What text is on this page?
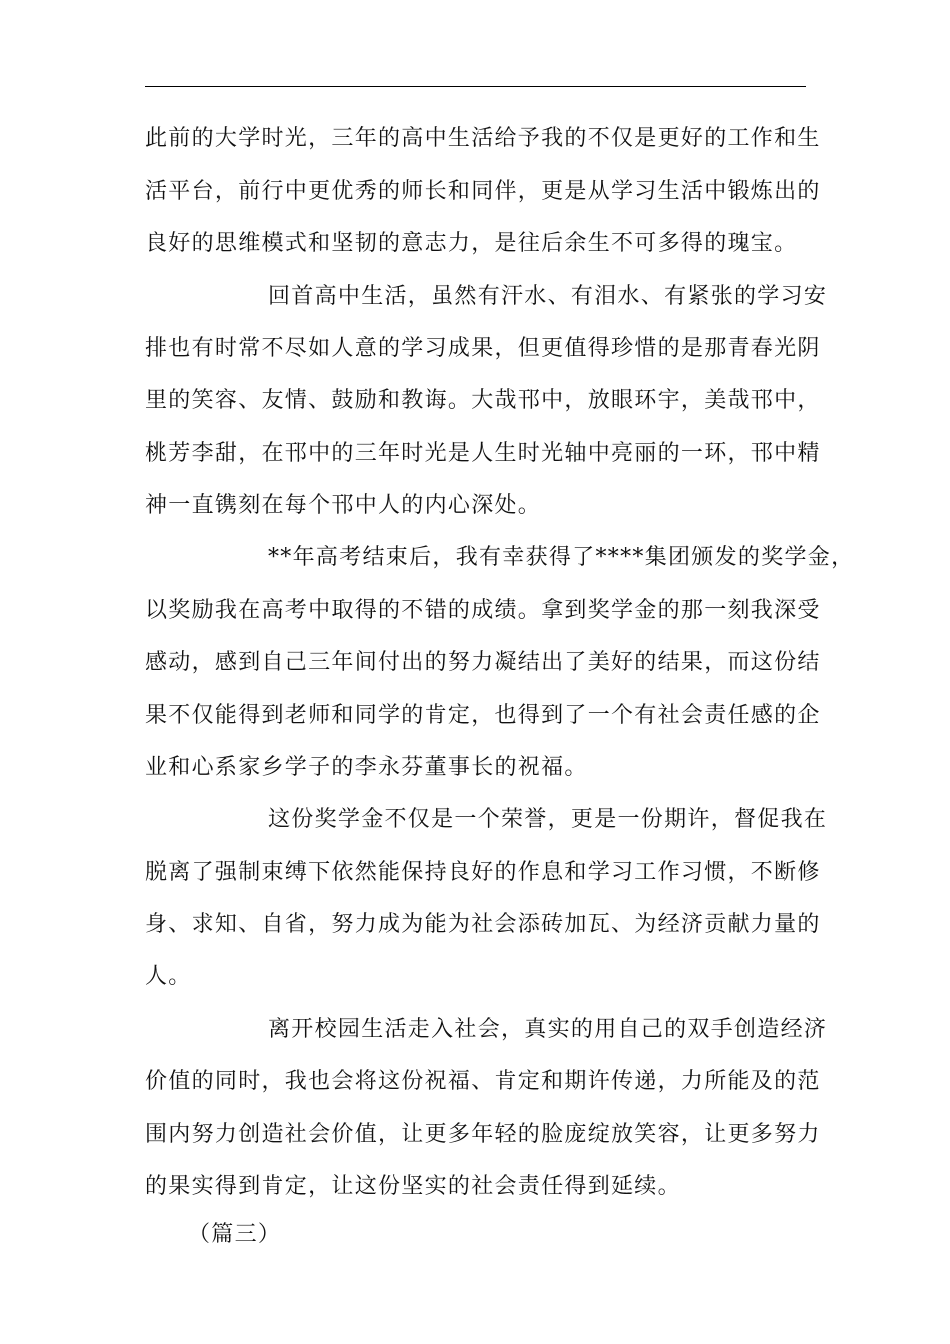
此前的大学时光，三年的高中生活给予我的不仅是更好的工作和生
活平台，前行中更优秀的师长和同伴，更是从学习生活中锻炼出的
良好的思维模式和坚韧的意志力，是往后余生不可多得的瑰宝。
回首高中生活，虽然有汗水、有泪水、有紧张的学习安
排也有时常不尽如人意的学习成果，但更值得珍惜的是那青春光阴
里的笑容、友情、鼓励和教诲。大哉邗中，放眼环宇，美哉邗中，
桃芳李甜，在邗中的三年时光是人生时光轴中亮丽的一环，邗中精
神一直镌刻在每个邗中人的内心深处。
**年高考结束后，我有幸获得了****集团颁发的奖学金，
以奖励我在高考中取得的不错的成绩。拿到奖学金的那一刻我深受
感动，感到自己三年间付出的努力凝结出了美好的结果，而这份结
果不仅能得到老师和同学的肯定，也得到了一个有社会责任感的企
业和心系家乡学子的李永芬董事长的祝福。
这份奖学金不仅是一个荣誉，更是一份期许，督促我在
脱离了强制束缚下依然能保持良好的作息和学习工作习惯，不断修
身、求知、自省，努力成为能为社会添砖加瓦、为经济贡献力量的
人。
离开校园生活走入社会，真实的用自己的双手创造经济
价值的同时，我也会将这份祝福、肯定和期许传递，力所能及的范
围内努力创造社会价值，让更多年轻的脸庞绽放笑容，让更多努力
的果实得到肯定，让这份坚实的社会责任得到延续。
（篇三）
